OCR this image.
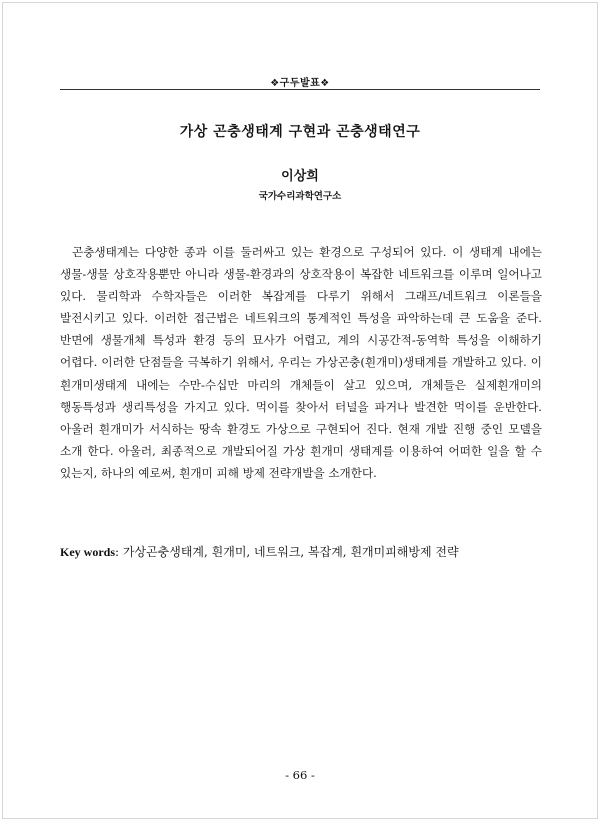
❖구두발표❖
가상 곤충생태계 구현과 곤충생태연구
이상희
국가수리과학연구소

곤충생태계는 다양한 종과 이를 둘러싸고 있는 환경으로 구성되어 있다. 이 생태계 내에는 생물-생물 상호작용뿐만 아니라 생물-환경과의 상호작용이 복잡한 네트워크를 이루며 일어나고 있다. 물리학과 수학자들은 이러한 복잡계를 다루기 위해서 그래프/네트워크 이론들을 발전시키고 있다. 이러한 접근법은 네트워크의 통계적인 특성을 파악하는데 큰 도움을 준다. 반면에 생물개체 특성과 환경 등의 묘사가 어렵고, 계의 시공간적-동역학 특성을 이해하기 어렵다. 이러한 단점들을 극복하기 위해서, 우리는 가상곤충(흰개미)생태계를 개발하고 있다. 이 흰개미생태계 내에는 수만-수십만 마리의 개체들이 살고 있으며, 개체들은 실제흰개미의 행동특성과 생리특성을 가지고 있다. 먹이를 찾아서 터널을 파거나 발견한 먹이를 운반한다. 아울러 흰개미가 서식하는 땅속 환경도 가상으로 구현되어 진다. 현재 개발 진행 중인 모델을 소개 한다. 아울러, 최종적으로 개발되어질 가상 흰개미 생태계를 이용하여 어떠한 일을 할 수 있는지, 하나의 예로써, 흰개미 피해 방제 전략개발을 소개한다.

Key words: 가상곤충생태계, 흰개미, 네트워크, 복잡계, 흰개미피해방제 전략

- 66 -
